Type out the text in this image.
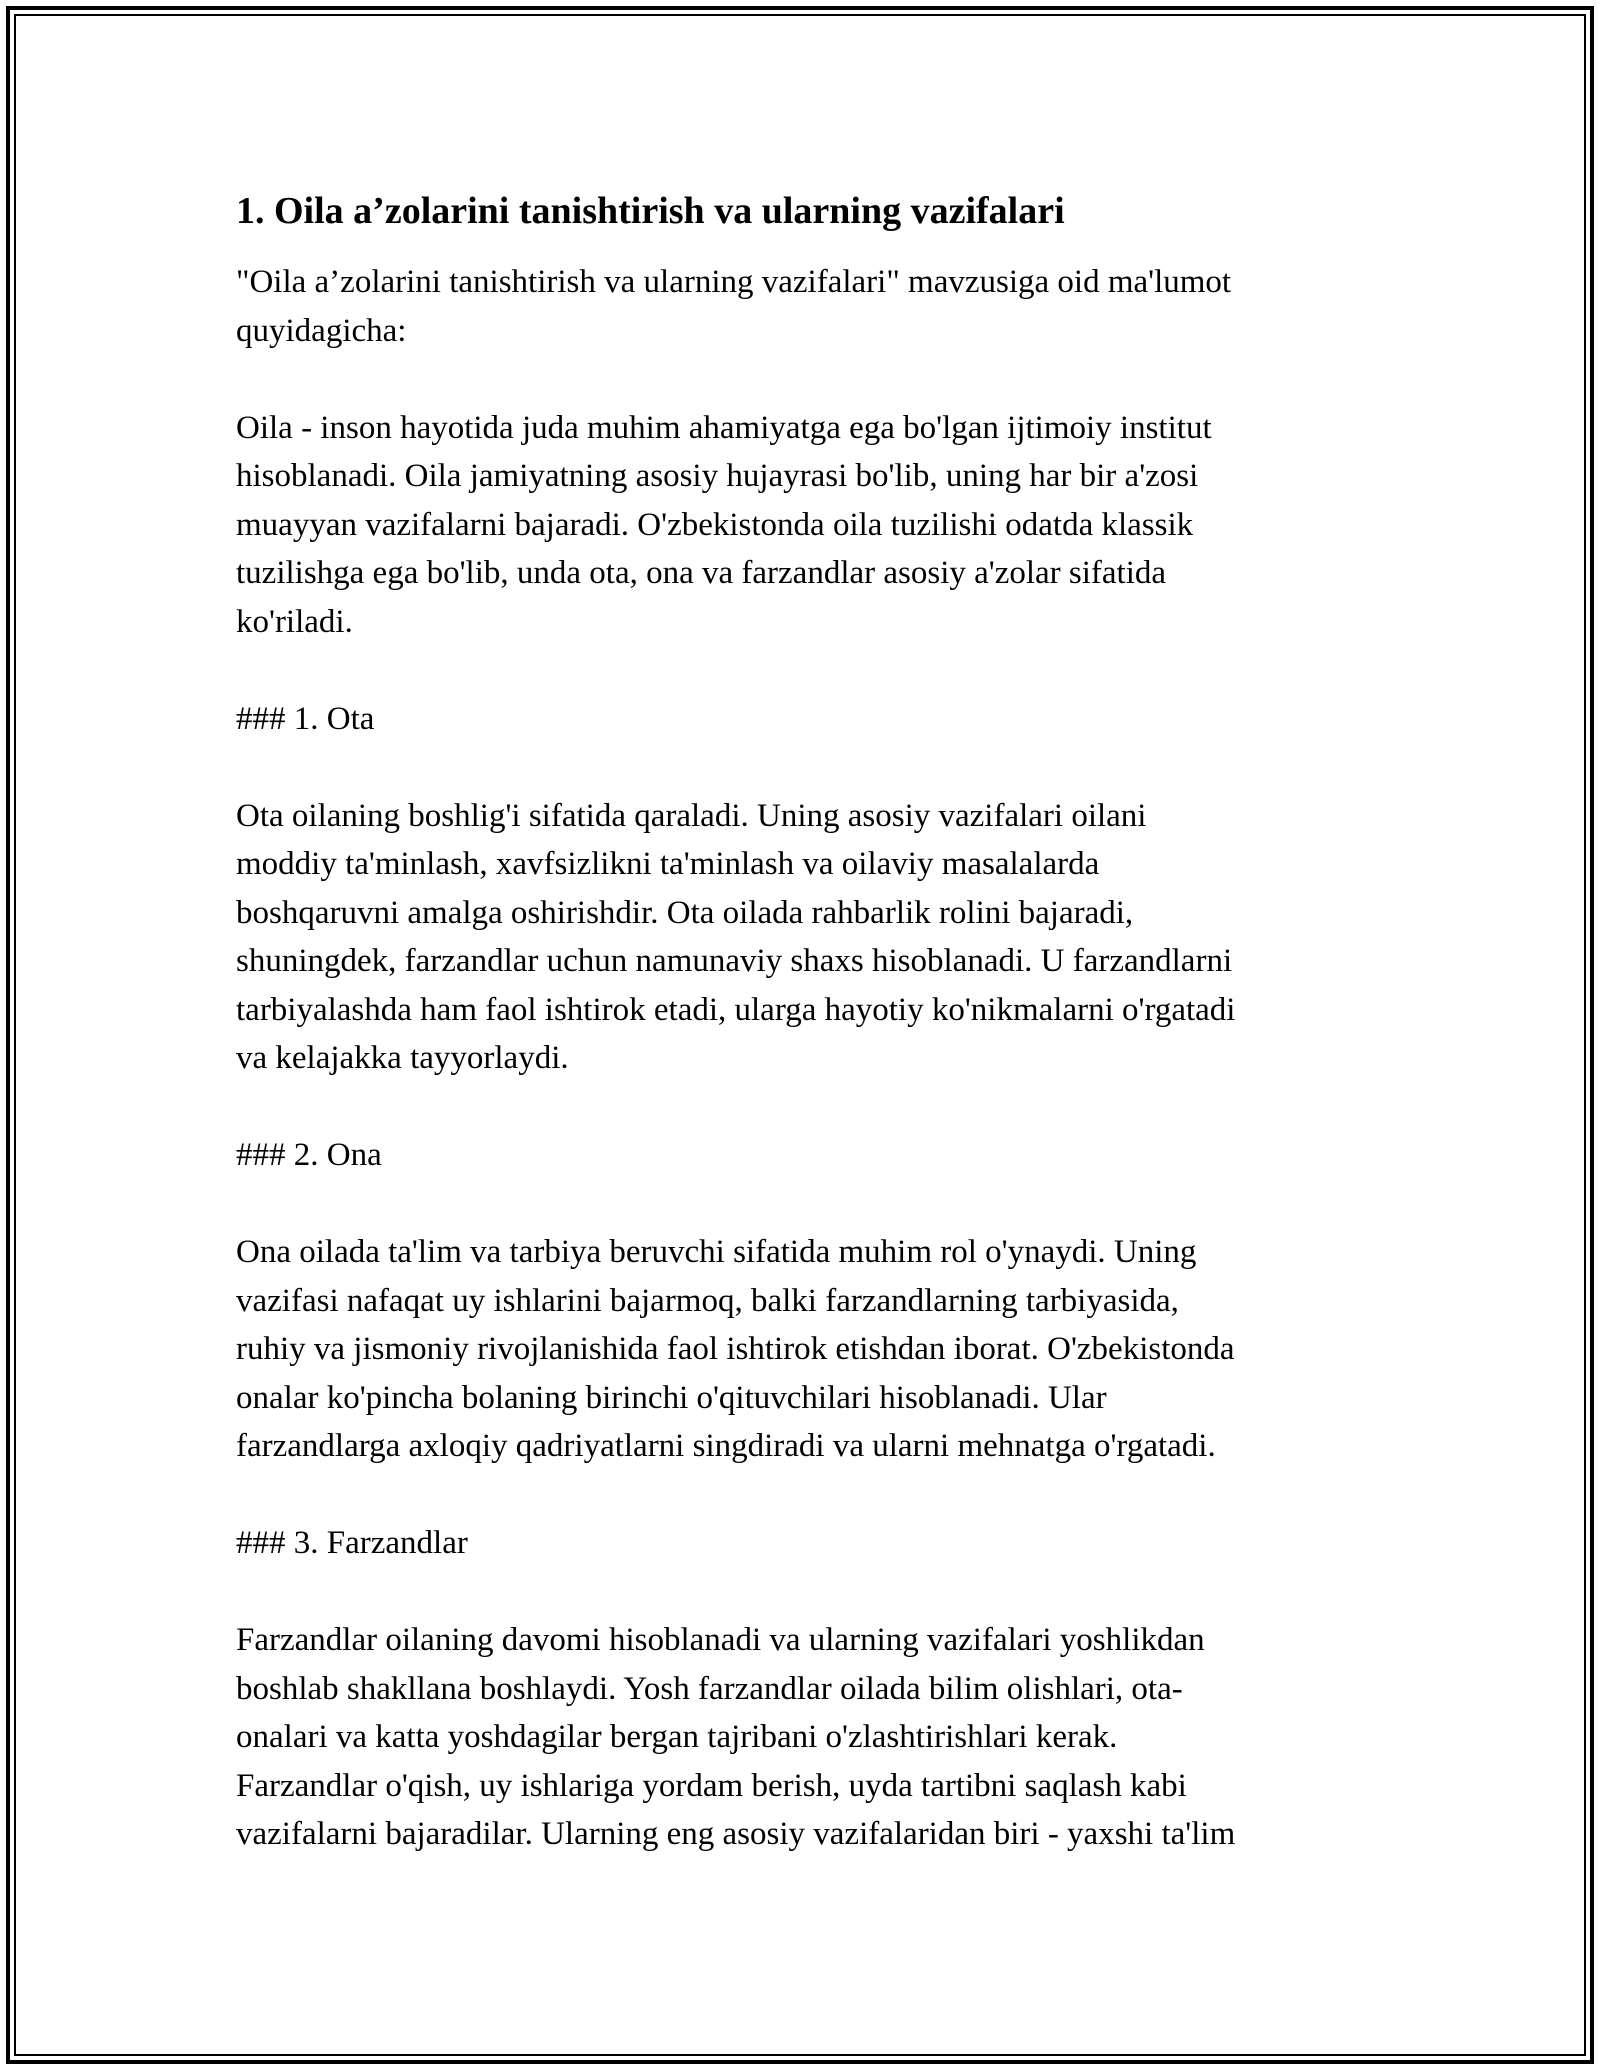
1. Oila a’zolarini tanishtirish va ularning vazifalari

"Oila a’zolarini tanishtirish va ularning vazifalari" mavzusiga oid ma'lumot
quyidagicha:

Oila - inson hayotida juda muhim ahamiyatga ega bo'lgan ijtimoiy institut
hisoblanadi. Oila jamiyatning asosiy hujayrasi bo'lib, uning har bir a'zosi
muayyan vazifalarni bajaradi. O'zbekistonda oila tuzilishi odatda klassik
tuzilishga ega bo'lib, unda ota, ona va farzandlar asosiy a'zolar sifatida
ko'riladi.

### 1. Ota

Ota oilaning boshlig'i sifatida qaraladi. Uning asosiy vazifalari oilani
moddiy ta'minlash, xavfsizlikni ta'minlash va oilaviy masalalarda
boshqaruvni amalga oshirishdir. Ota oilada rahbarlik rolini bajaradi,
shuningdek, farzandlar uchun namunaviy shaxs hisoblanadi. U farzandlarni
tarbiyalashda ham faol ishtirok etadi, ularga hayotiy ko'nikmalarni o'rgatadi
va kelajakka tayyorlaydi.

### 2. Ona

Ona oilada ta'lim va tarbiya beruvchi sifatida muhim rol o'ynaydi. Uning
vazifasi nafaqat uy ishlarini bajarmoq, balki farzandlarning tarbiyasida,
ruhiy va jismoniy rivojlanishida faol ishtirok etishdan iborat. O'zbekistonda
onalar ko'pincha bolaning birinchi o'qituvchilari hisoblanadi. Ular
farzandlarga axloqiy qadriyatlarni singdiradi va ularni mehnatga o'rgatadi.

### 3. Farzandlar

Farzandlar oilaning davomi hisoblanadi va ularning vazifalari yoshlikdan
boshlab shakllana boshlaydi. Yosh farzandlar oilada bilim olishlari, ota-
onalari va katta yoshdagilar bergan tajribani o'zlashtirishlari kerak.
Farzandlar o'qish, uy ishlariga yordam berish, uyda tartibni saqlash kabi
vazifalarni bajaradilar. Ularning eng asosiy vazifalaridan biri - yaxshi ta'lim
